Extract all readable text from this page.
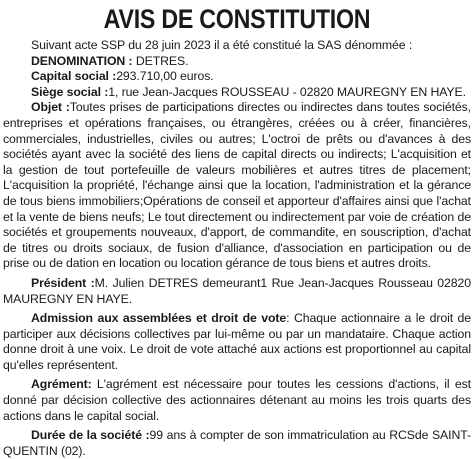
AVIS DE CONSTITUTION

Suivant acte SSP du 28 juin 2023 il a été constitué la SAS dénommée :

DENOMINATION : DETRES.

Capital social :293.710,00 euros.

Siège social :1, rue Jean-Jacques ROUSSEAU - 02820 MAUREGNY EN HAYE.

Objet :Toutes prises de participations directes ou indirectes dans toutes sociétés, entreprises et opérations françaises, ou étrangères, créées ou à créer, financières, commerciales, industrielles, civiles ou autres; L'octroi de prêts ou d'avances à des sociétés ayant avec la société des liens de capital directs ou indirects; L'acquisition et la gestion de tout portefeuille de valeurs mobilières et autres titres de placement; L'acquisition la propriété, l'échange ainsi que la location, l'administration et la gérance de tous biens immobiliers;Opérations de conseil et apporteur d'affaires ainsi que l'achat et la vente de biens neufs; Le tout directement ou indirectement par voie de création de sociétés et groupements nouveaux, d'apport, de commandite, en souscription, d'achat de titres ou droits sociaux, de fusion d'alliance, d'association en participation ou de prise ou de dation en location ou location gérance de tous biens et autres droits.

Président :M. Julien DETRES demeurant1 Rue Jean-Jacques Rousseau 02820 MAUREGNY EN HAYE.

Admission aux assemblées et droit de vote: Chaque actionnaire a le droit de participer aux décisions collectives par lui-même ou par un mandataire. Chaque action donne droit à une voix. Le droit de vote attaché aux actions est proportionnel au capital qu'elles représentent.

Agrément: L'agrément est nécessaire pour toutes les cessions d'actions, il est donné par décision collective des actionnaires détenant au moins les trois quarts des actions dans le capital social.

Durée de la société :99 ans à compter de son immatriculation au RCSde SAINT-QUENTIN (02).
